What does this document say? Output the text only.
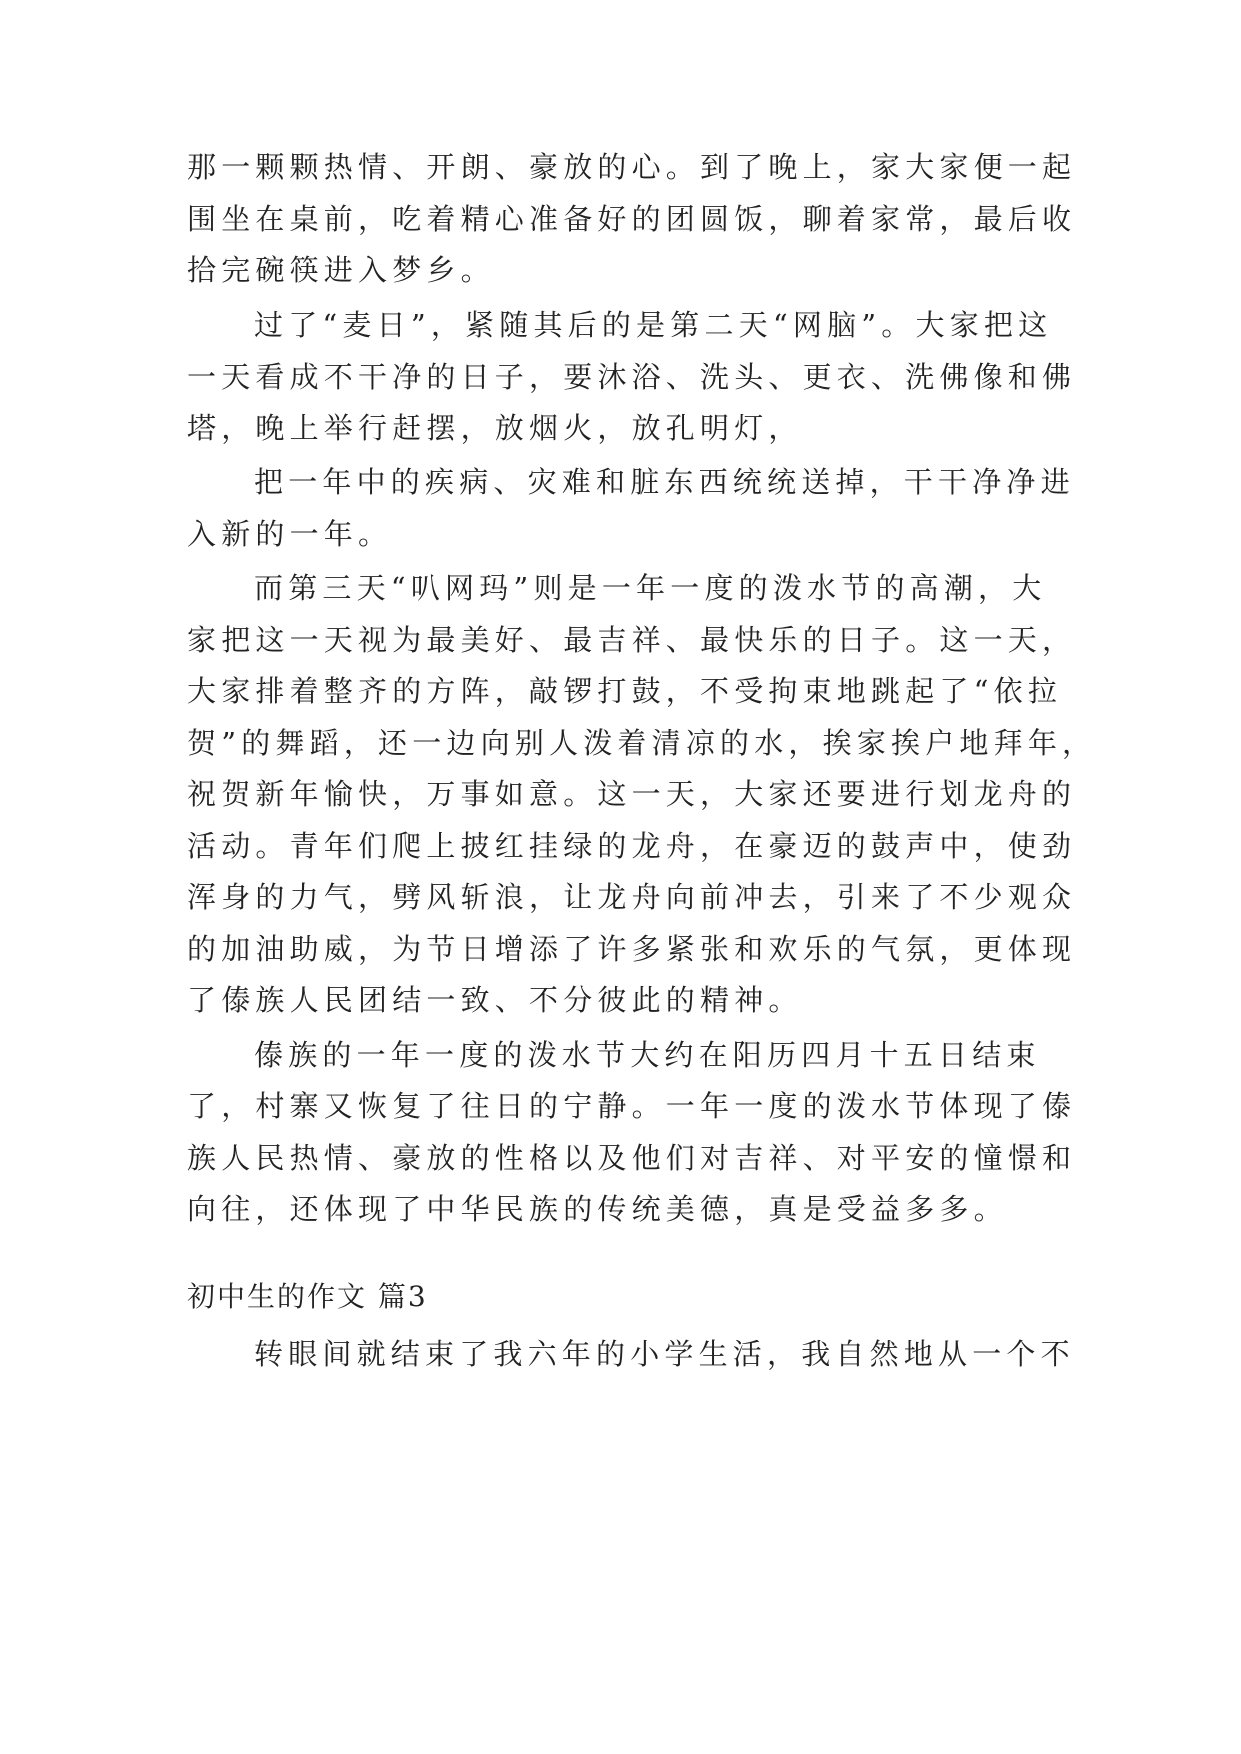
那一颗颗热情、开朗、豪放的心。到了晚上，家大家便一起
围坐在桌前，吃着精心准备好的团圆饭，聊着家常，最后收
拾完碗筷进入梦乡。
过了“麦日”，紧随其后的是第二天“网脑”。大家把这
一天看成不干净的日子，要沐浴、洗头、更衣、洗佛像和佛
塔，晚上举行赶摆，放烟火，放孔明灯，
把一年中的疾病、灾难和脏东西统统送掉，干干净净进
入新的一年。
而第三天“叭网玛”则是一年一度的泼水节的高潮，大
家把这一天视为最美好、最吉祥、最快乐的日子。这一天，
大家排着整齐的方阵，敲锣打鼓，不受拘束地跳起了“依拉
贺”的舞蹈，还一边向别人泼着清凉的水，挨家挨户地拜年，
祝贺新年愉快，万事如意。这一天，大家还要进行划龙舟的
活动。青年们爬上披红挂绿的龙舟，在豪迈的鼓声中，使劲
浑身的力气，劈风斩浪，让龙舟向前冲去，引来了不少观众
的加油助威，为节日增添了许多紧张和欢乐的气氛，更体现
了傣族人民团结一致、不分彼此的精神。
傣族的一年一度的泼水节大约在阳历四月十五日结束
了，村寨又恢复了往日的宁静。一年一度的泼水节体现了傣
族人民热情、豪放的性格以及他们对吉祥、对平安的憧憬和
向往，还体现了中华民族的传统美德，真是受益多多。
初中生的作文 篇3
转眼间就结束了我六年的小学生活，我自然地从一个不
